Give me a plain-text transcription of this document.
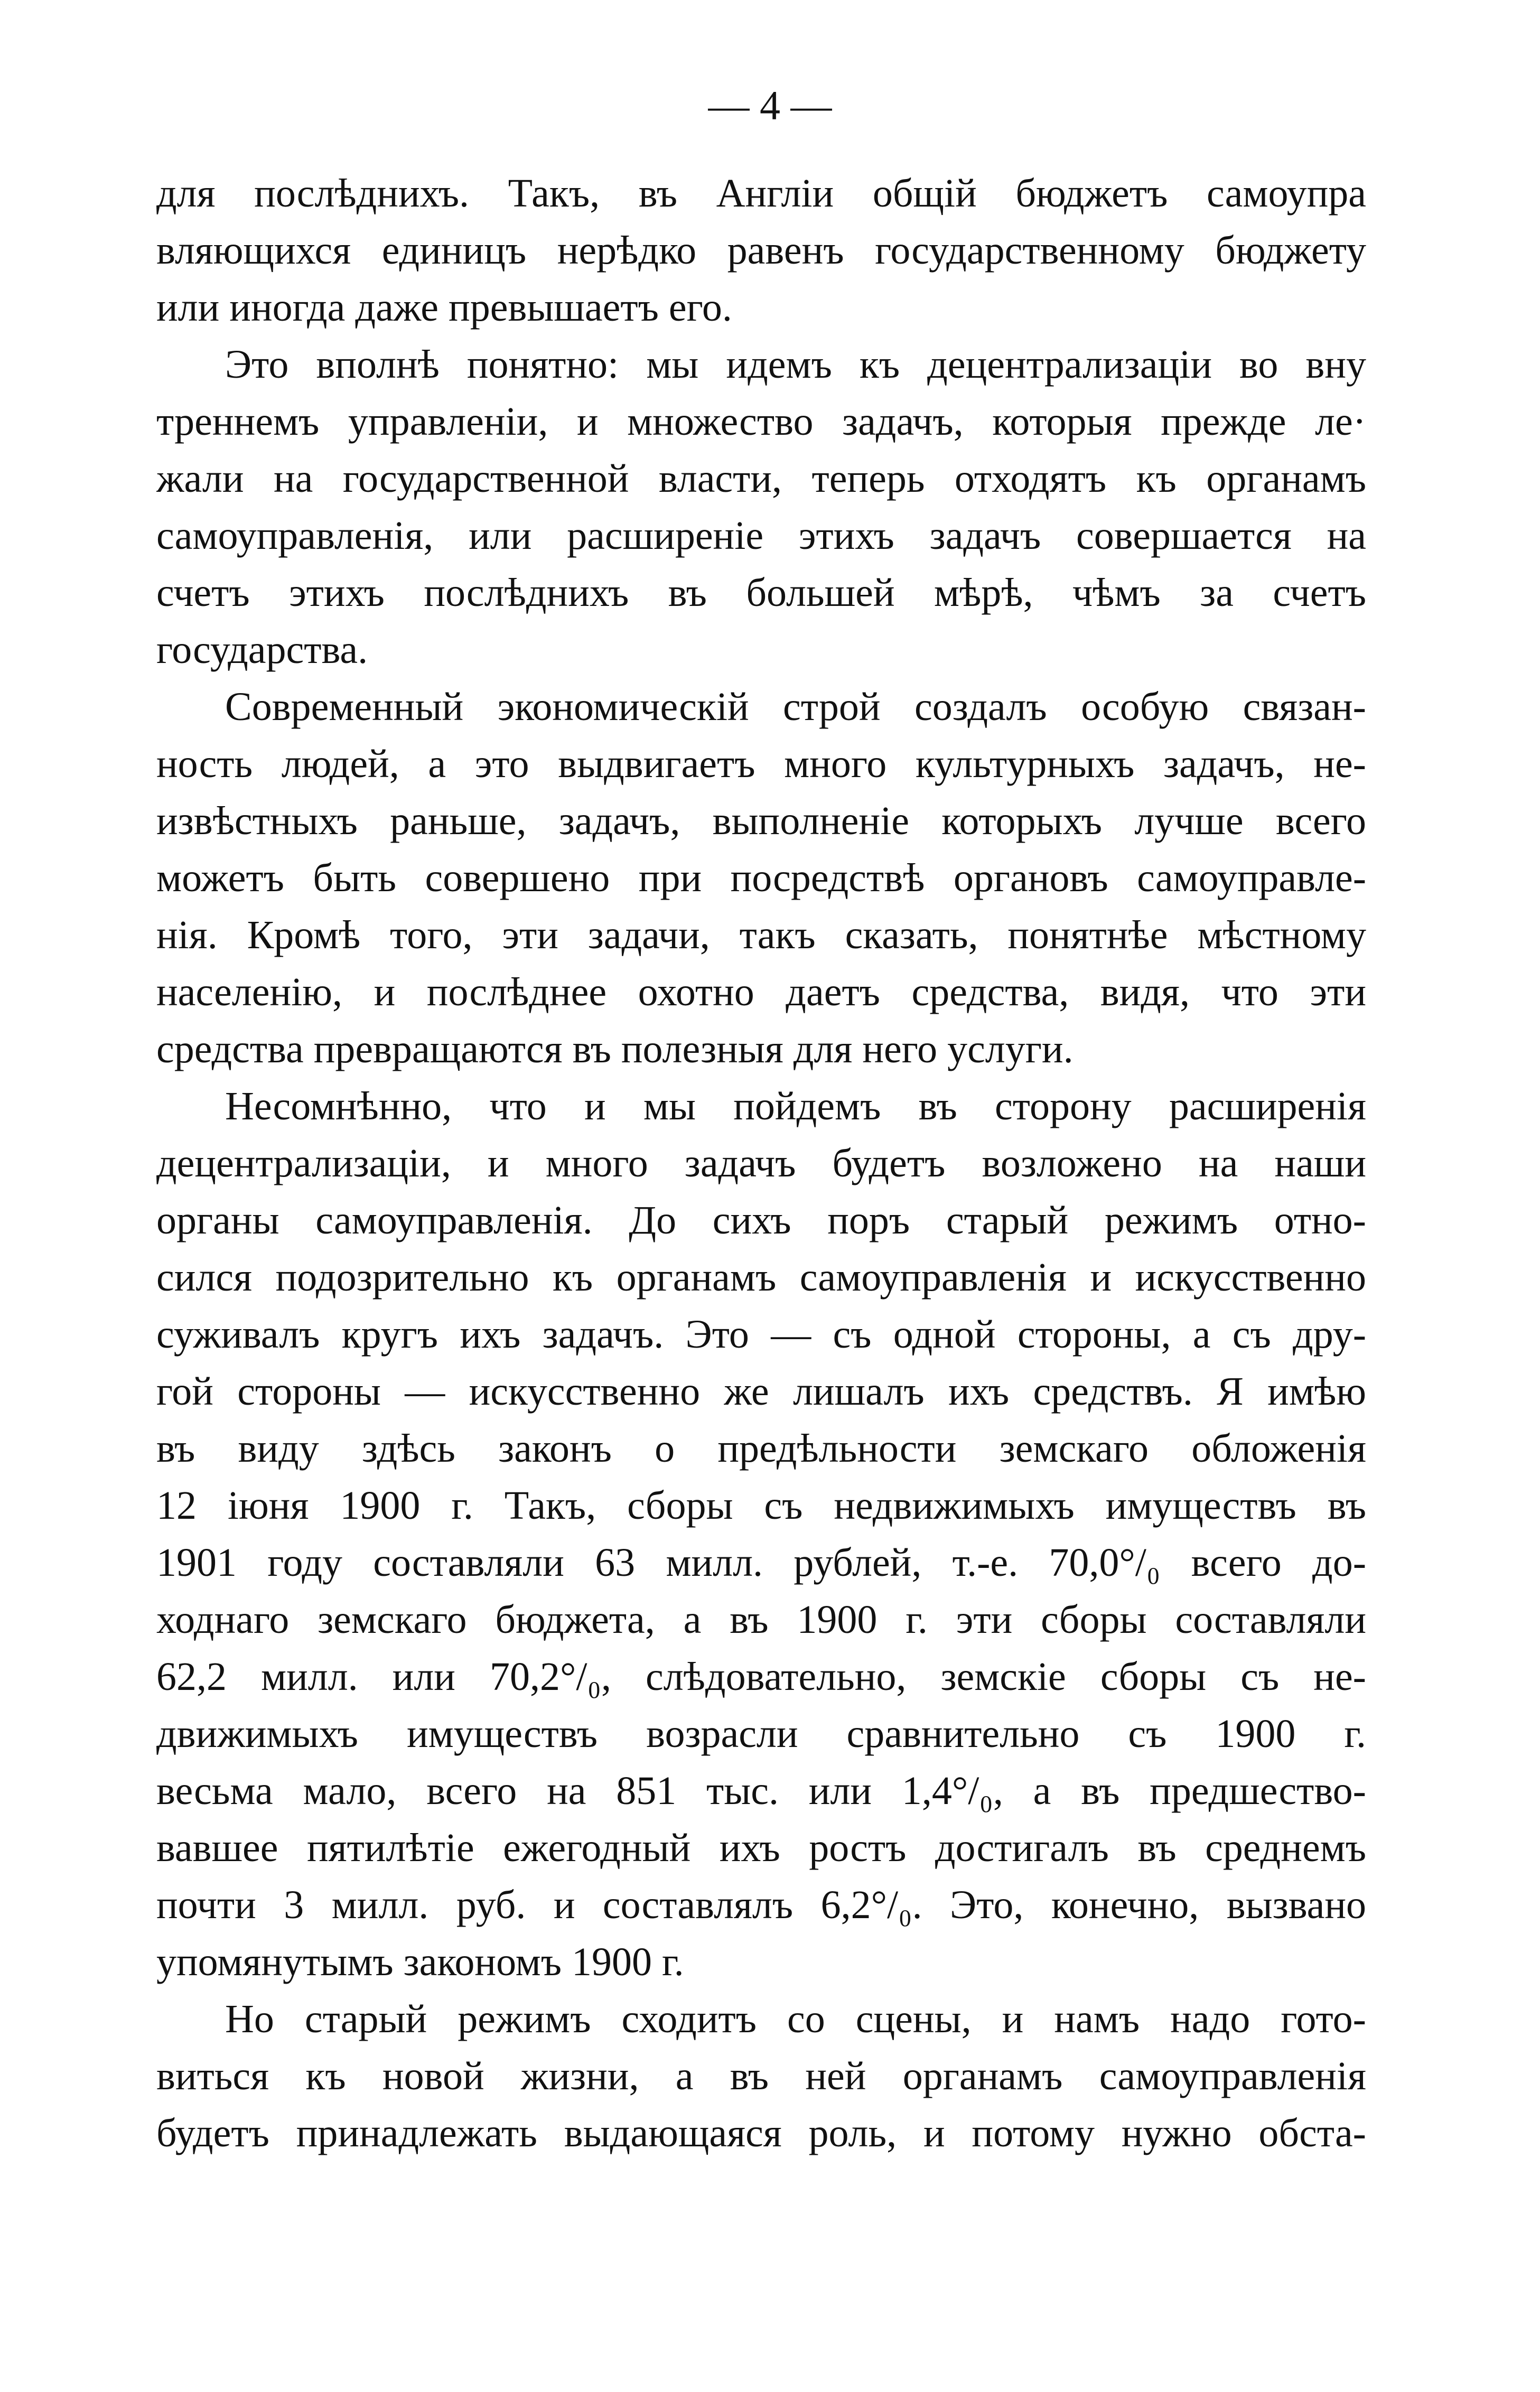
— 4 —
для послѣднихъ. Такъ, въ Англіи общій бюджетъ самоупра
вляющихся единицъ нерѣдко равенъ государственному бюджету
или иногда даже превышаетъ его.
Это вполнѣ понятно: мы идемъ къ децентрализаціи во вну
треннемъ управленіи, и множество задачъ, которыя прежде ле·
жали на государственной власти, теперь отходятъ къ органамъ
самоуправленія, или расширеніе этихъ задачъ совершается на
счетъ этихъ послѣднихъ въ большей мѣрѣ, чѣмъ за счетъ
государства.
Современный экономическій строй создалъ особую связан-
ность людей, а это выдвигаетъ много культурныхъ задачъ, не-
извѣстныхъ раньше, задачъ, выполненіе которыхъ лучше всего
можетъ быть совершено при посредствѣ органовъ самоуправле-
нія. Кромѣ того, эти задачи, такъ сказать, понятнѣе мѣстному
населенію, и послѣднее охотно даетъ средства, видя, что эти
средства превращаются въ полезныя для него услуги.
Несомнѣнно, что и мы пойдемъ въ сторону расширенія
децентрализаціи, и много задачъ будетъ возложено на наши
органы самоуправленія. До сихъ поръ старый режимъ отно-
сился подозрительно къ органамъ самоуправленія и искусственно
суживалъ кругъ ихъ задачъ. Это — съ одной стороны, а съ дру-
гой стороны — искусственно же лишалъ ихъ средствъ. Я имѣю
въ виду здѣсь законъ о предѣльности земскаго обложенія
12 іюня 1900 г. Такъ, сборы съ недвижимыхъ имуществъ въ
1901 году составляли 63 милл. рублей, т.-е. 70,0°/₀ всего до-
ходнаго земскаго бюджета, а въ 1900 г. эти сборы составляли
62,2 милл. или 70,2°/₀, слѣдовательно, земскіе сборы съ не-
движимыхъ имуществъ возрасли сравнительно съ 1900 г.
весьма мало, всего на 851 тыс. или 1,4°/₀, а въ предшество-
вавшее пятилѣтіе ежегодный ихъ ростъ достигалъ въ среднемъ
почти 3 милл. руб. и составлялъ 6,2°/₀. Это, конечно, вызвано
упомянутымъ закономъ 1900 г.
Но старый режимъ сходитъ со сцены, и намъ надо гото-
виться къ новой жизни, а въ ней органамъ самоуправленія
будетъ принадлежать выдающаяся роль, и потому нужно обста-
